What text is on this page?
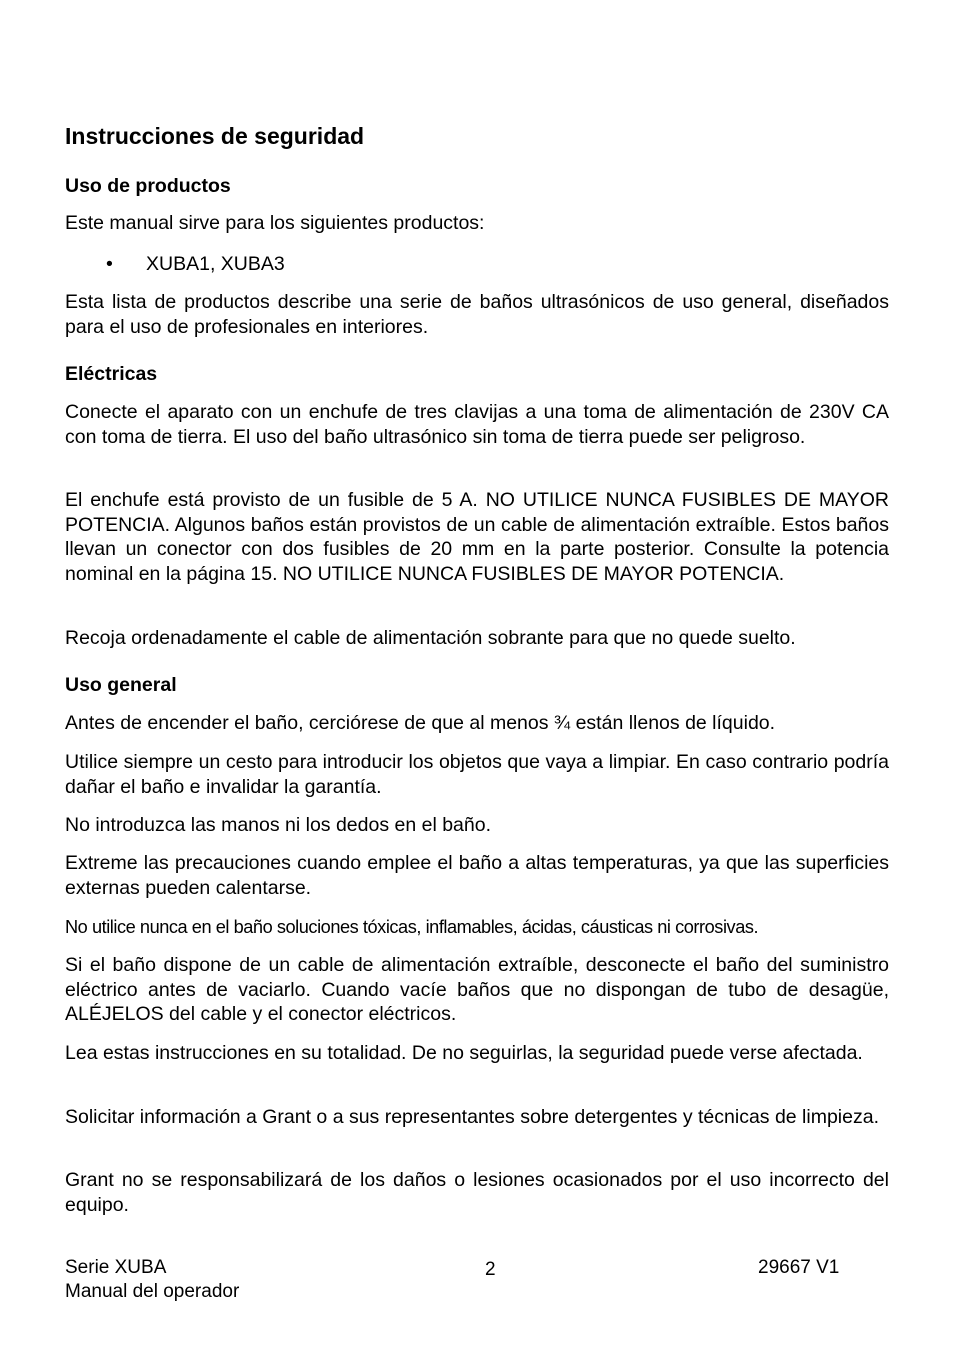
Instrucciones de seguridad
Uso de productos

Este manual sirve para los siguientes productos:

• XUBA1, XUBA3

Esta lista de productos describe una serie de baños ultrasónicos de uso general, diseñados para el uso de profesionales en interiores.

Eléctricas

Conecte el aparato con un enchufe de tres clavijas a una toma de alimentación de 230V CA con toma de tierra. El uso del baño ultrasónico sin toma de tierra puede ser peligroso.

El enchufe está provisto de un fusible de 5 A. NO UTILICE NUNCA FUSIBLES DE MAYOR POTENCIA. Algunos baños están provistos de un cable de alimentación extraíble. Estos baños llevan un conector con dos fusibles de 20 mm en la parte posterior. Consulte la potencia nominal en la página 15. NO UTILICE NUNCA FUSIBLES DE MAYOR POTENCIA.

Recoja ordenadamente el cable de alimentación sobrante para que no quede suelto.

Uso general

Antes de encender el baño, cerciórese de que al menos ¾ están llenos de líquido.

Utilice siempre un cesto para introducir los objetos que vaya a limpiar. En caso contrario podría dañar el baño e invalidar la garantía.

No introduzca las manos ni los dedos en el baño.

Extreme las precauciones cuando emplee el baño a altas temperaturas, ya que las superficies externas pueden calentarse.

No utilice nunca en el baño soluciones tóxicas, inflamables, ácidas, cáusticas ni corrosivas.

Si el baño dispone de un cable de alimentación extraíble, desconecte el baño del suministro eléctrico antes de vaciarlo. Cuando vacíe baños que no dispongan de tubo de desagüe, ALÉJELOS del cable y el conector eléctricos.

Lea estas instrucciones en su totalidad. De no seguirlas, la seguridad puede verse afectada.

Solicitar información a Grant o a sus representantes sobre detergentes y técnicas de limpieza.

Grant no se responsabilizará de los daños o lesiones ocasionados por el uso incorrecto del equipo.

Serie XUBA
Manual del operador
2	29667 V1
